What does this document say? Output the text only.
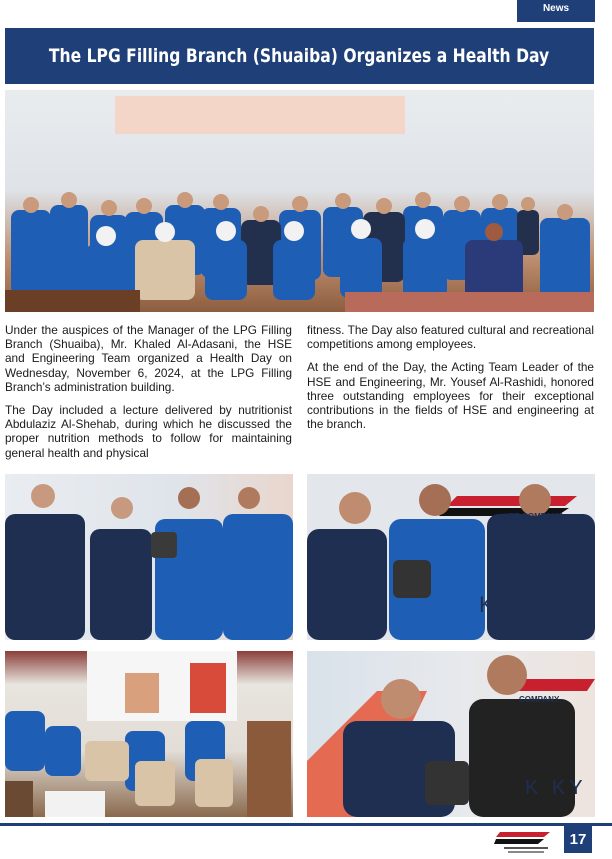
News
The LPG Filling Branch (Shuaiba) Organizes a Health Day

Under the auspices of the Manager of the LPG Filling Branch (Shuaiba), Mr. Khaled Al-Adasani, the HSE and Engineering Team organized a Health Day on Wednesday, November 6, 2024, at the LPG Filling Branch’s administration building.

The Day included a lecture delivered by nutritionist Abdulaziz Al-Shehab, during which he discussed the proper nutrition methods to follow for maintaining general health and physical

fitness. The Day also featured cultural and recreational competitions among employees.

At the end of the Day, the Acting Team Leader of the HSE and Engineering, Mr. Yousef Al-Rashidi, honored three outstanding employees for their exceptional contributions in the fields of HSE and engineering at the branch.

KER COMPANY
KY
COMPANY
K KY
17
